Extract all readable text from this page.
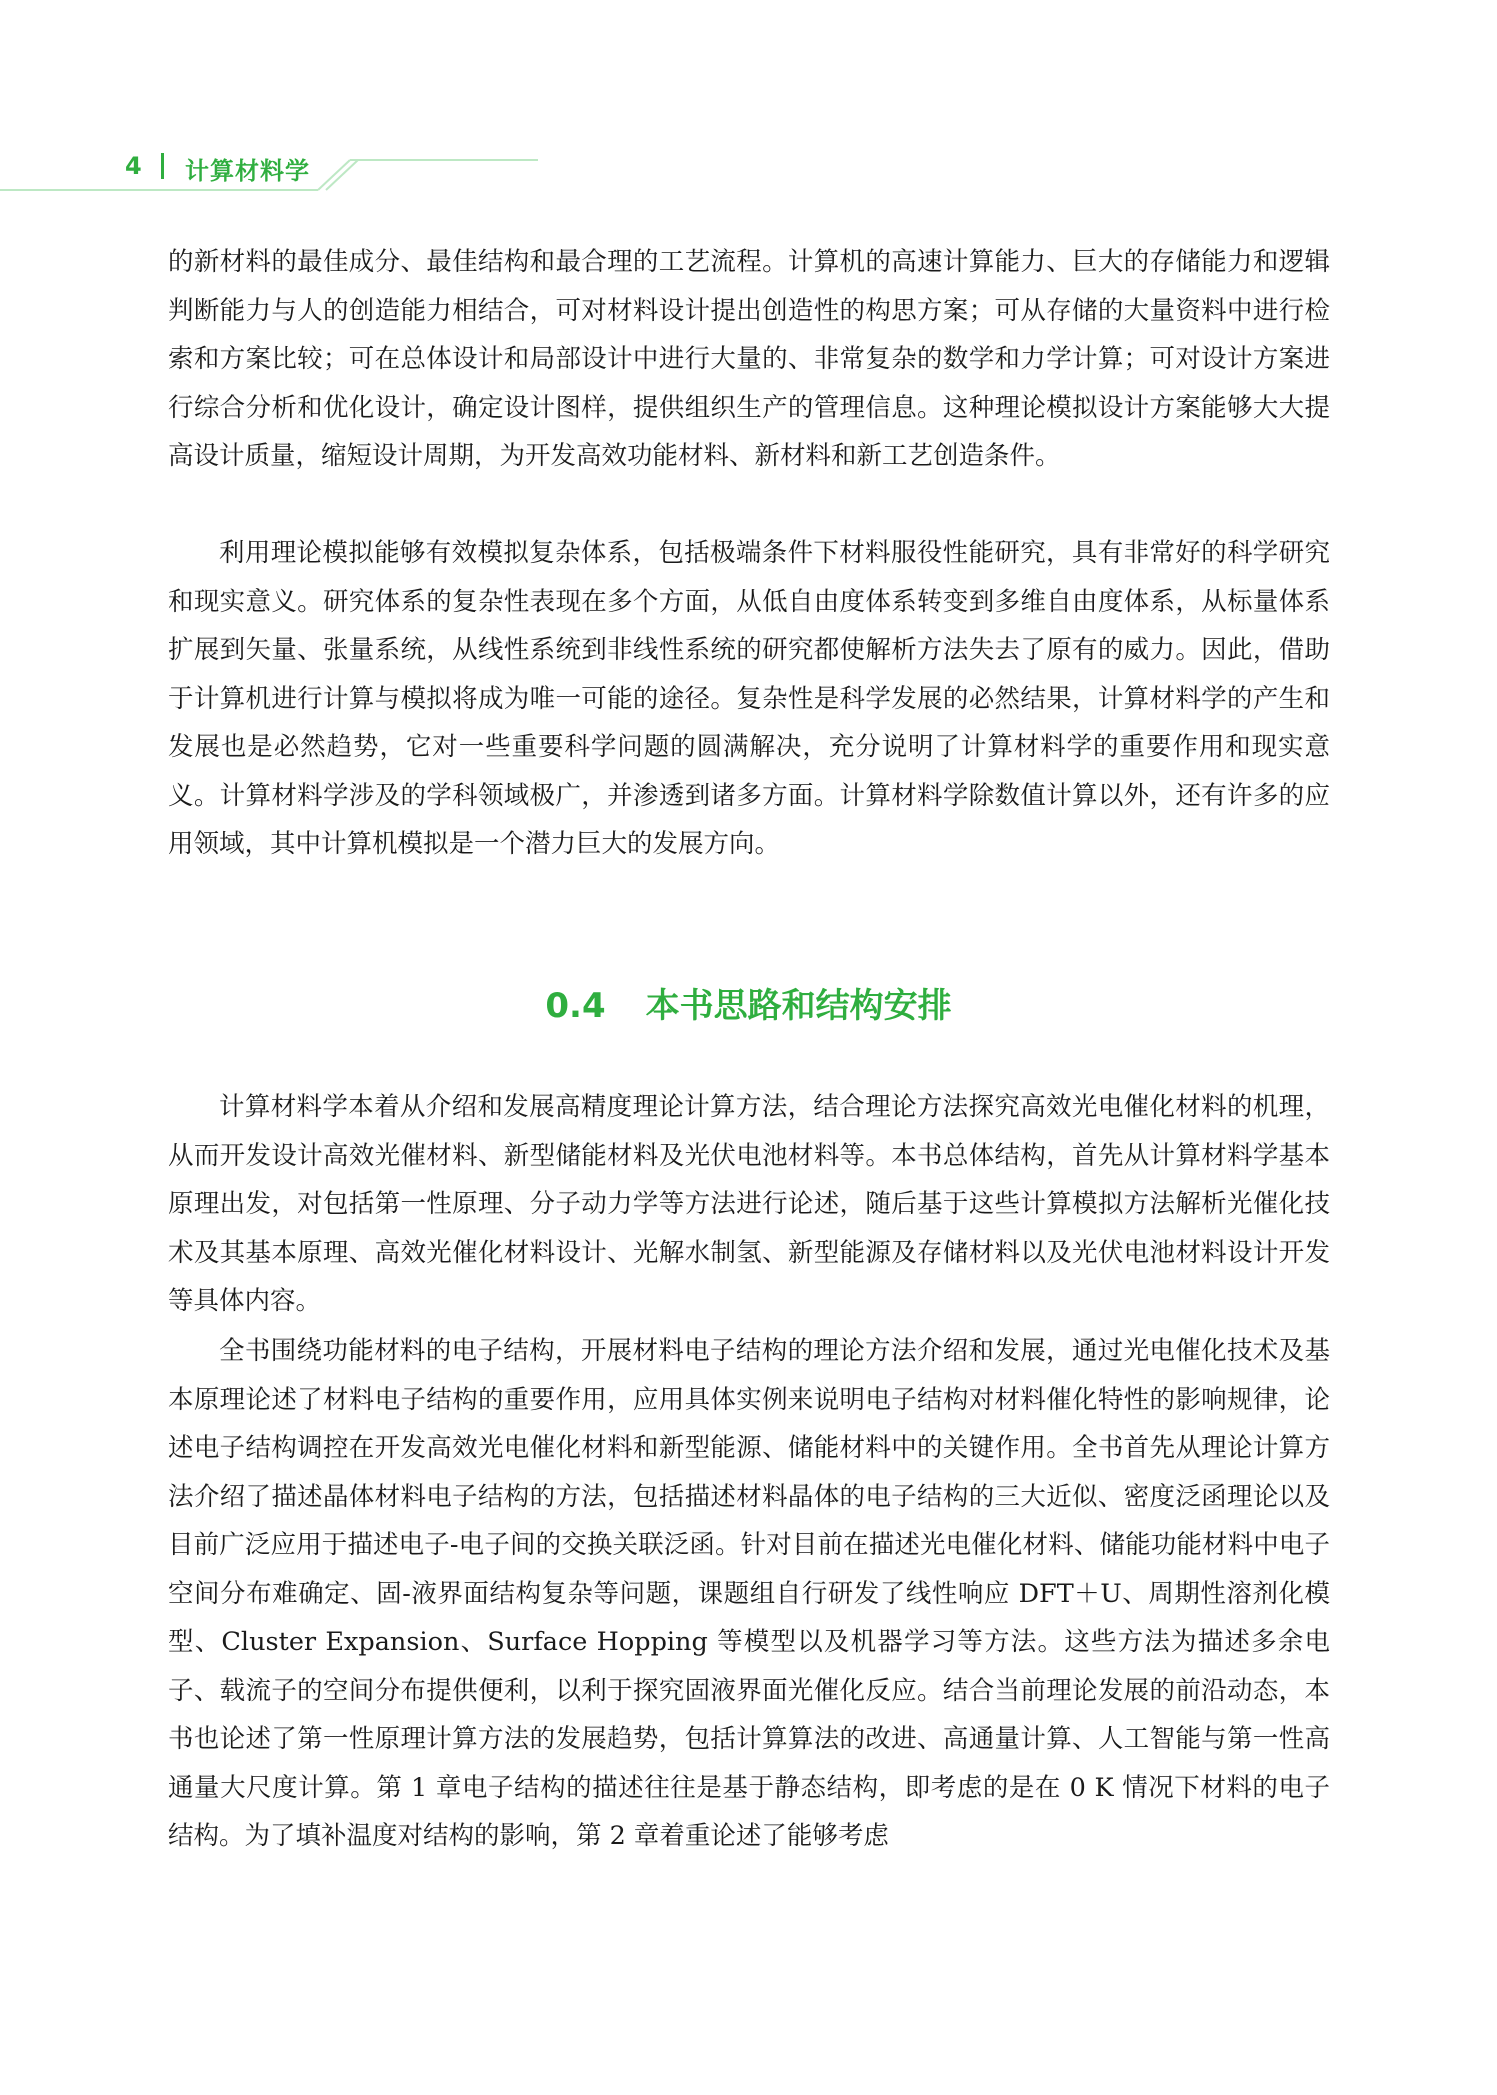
4 计算材料学

的新材料的最佳成分、最佳结构和最合理的工艺流程。计算机的高速计算能力、巨大的存储能力和逻辑判断能力与人的创造能力相结合，可对材料设计提出创造性的构思方案；可从存储的大量资料中进行检索和方案比较；可在总体设计和局部设计中进行大量的、非常复杂的数学和力学计算；可对设计方案进行综合分析和优化设计，确定设计图样，提供组织生产的管理信息。这种理论模拟设计方案能够大大提高设计质量，缩短设计周期，为开发高效功能材料、新材料和新工艺创造条件。

利用理论模拟能够有效模拟复杂体系，包括极端条件下材料服役性能研究，具有非常好的科学研究和现实意义。研究体系的复杂性表现在多个方面，从低自由度体系转变到多维自由度体系，从标量体系扩展到矢量、张量系统，从线性系统到非线性系统的研究都使解析方法失去了原有的威力。因此，借助于计算机进行计算与模拟将成为唯一可能的途径。复杂性是科学发展的必然结果，计算材料学的产生和发展也是必然趋势，它对一些重要科学问题的圆满解决，充分说明了计算材料学的重要作用和现实意义。计算材料学涉及的学科领域极广，并渗透到诸多方面。计算材料学除数值计算以外，还有许多的应用领域，其中计算机模拟是一个潜力巨大的发展方向。

0.4 本书思路和结构安排

计算材料学本着从介绍和发展高精度理论计算方法，结合理论方法探究高效光电催化材料的机理，从而开发设计高效光催材料、新型储能材料及光伏电池材料等。本书总体结构，首先从计算材料学基本原理出发，对包括第一性原理、分子动力学等方法进行论述，随后基于这些计算模拟方法解析光催化技术及其基本原理、高效光催化材料设计、光解水制氢、新型能源及存储材料以及光伏电池材料设计开发等具体内容。

全书围绕功能材料的电子结构，开展材料电子结构的理论方法介绍和发展，通过光电催化技术及基本原理论述了材料电子结构的重要作用，应用具体实例来说明电子结构对材料催化特性的影响规律，论述电子结构调控在开发高效光电催化材料和新型能源、储能材料中的关键作用。全书首先从理论计算方法介绍了描述晶体材料电子结构的方法，包括描述材料晶体的电子结构的三大近似、密度泛函理论以及目前广泛应用于描述电子-电子间的交换关联泛函。针对目前在描述光电催化材料、储能功能材料中电子空间分布难确定、固-液界面结构复杂等问题，课题组自行研发了线性响应 DFT＋U、周期性溶剂化模型、Cluster Expansion、Surface Hopping 等模型以及机器学习等方法。这些方法为描述多余电子、载流子的空间分布提供便利，以利于探究固液界面光催化反应。结合当前理论发展的前沿动态，本书也论述了第一性原理计算方法的发展趋势，包括计算算法的改进、高通量计算、人工智能与第一性高通量大尺度计算。第 1 章电子结构的描述往往是基于静态结构，即考虑的是在 0 K 情况下材料的电子结构。为了填补温度对结构的影响，第 2 章着重论述了能够考虑
